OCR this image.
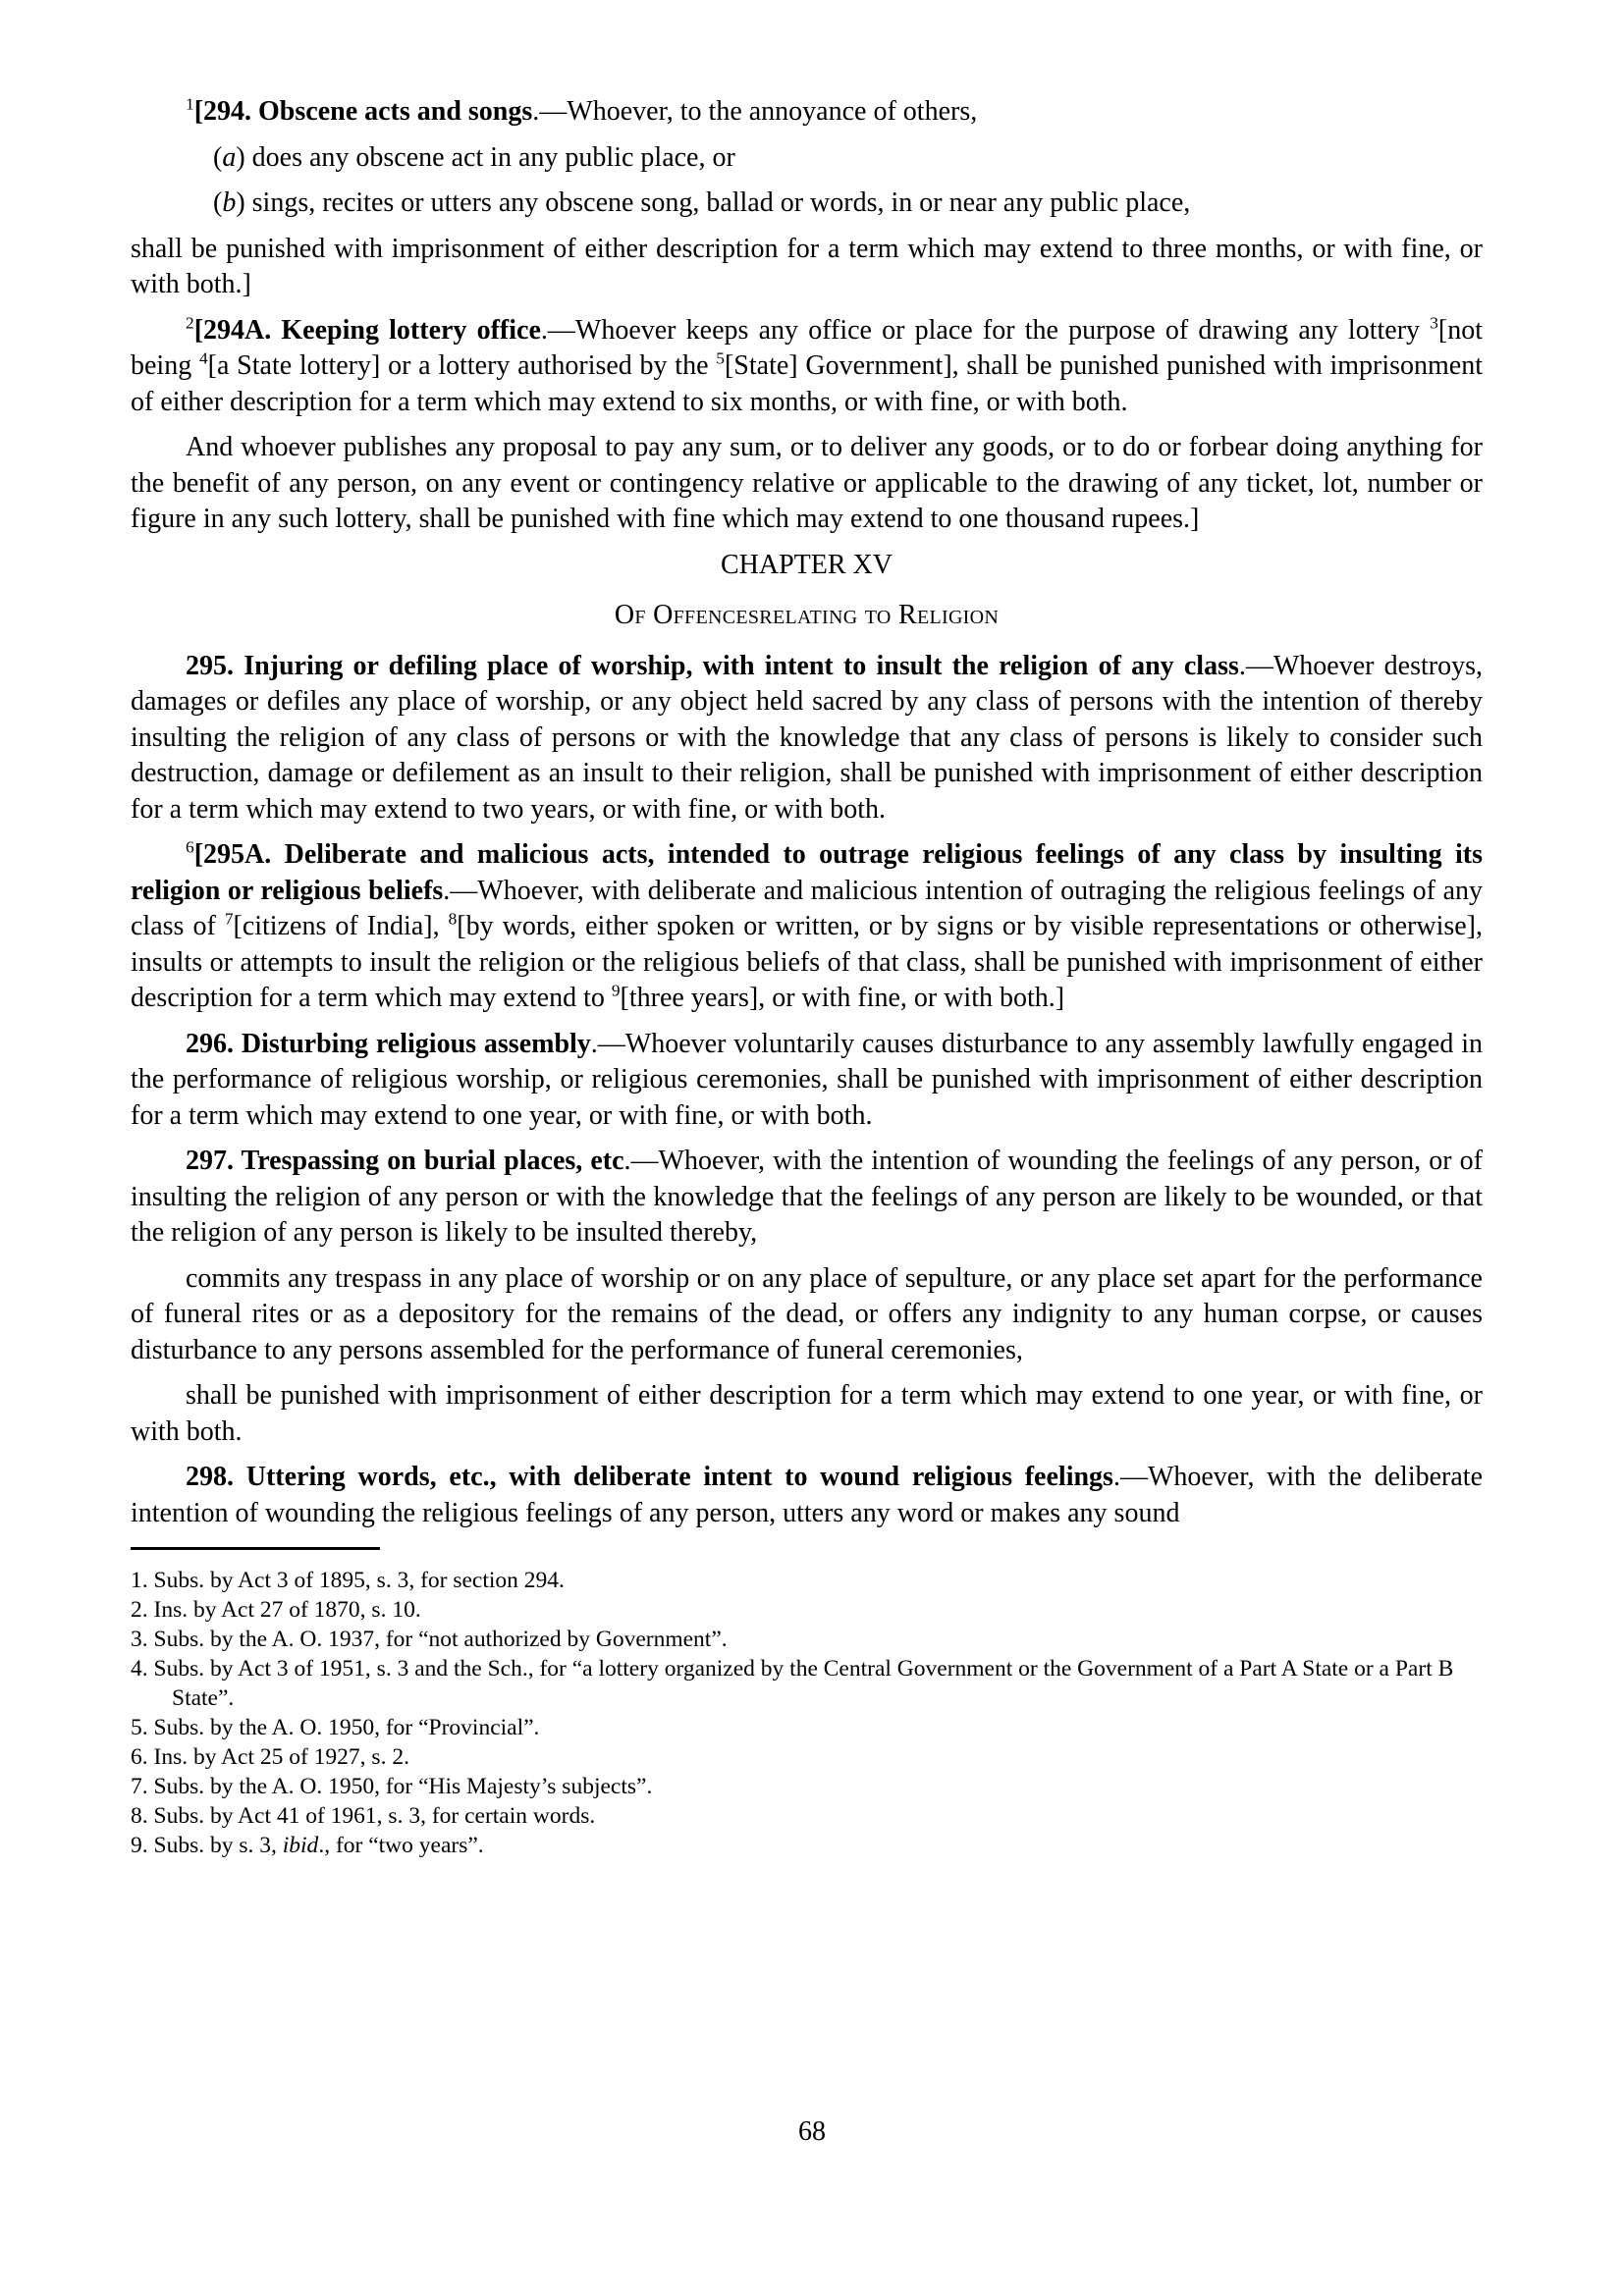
$^1$[294. Obscene acts and songs.—Whoever, to the annoyance of others,

(a) does any obscene act in any public place, or

(b) sings, recites or utters any obscene song, ballad or words, in or near any public place,

shall be punished with imprisonment of either description for a term which may extend to three months, or with fine, or with both.]

$^2$[294A. Keeping lottery office.—Whoever keeps any office or place for the purpose of drawing any lottery $^3$[not being $^4$[a State lottery] or a lottery authorised by the $^5$[State] Government], shall be punished punished with imprisonment of either description for a term which may extend to six months, or with fine, or with both.

And whoever publishes any proposal to pay any sum, or to deliver any goods, or to do or forbear doing anything for the benefit of any person, on any event or contingency relative or applicable to the drawing of any ticket, lot, number or figure in any such lottery, shall be punished with fine which may extend to one thousand rupees.]

CHAPTER XV

Of Offencesrelating to Religion

295. Injuring or defiling place of worship, with intent to insult the religion of any class.—Whoever destroys, damages or defiles any place of worship, or any object held sacred by any class of persons with the intention of thereby insulting the religion of any class of persons or with the knowledge that any class of persons is likely to consider such destruction, damage or defilement as an insult to their religion, shall be punished with imprisonment of either description for a term which may extend to two years, or with fine, or with both.

$^6$[295A. Deliberate and malicious acts, intended to outrage religious feelings of any class by insulting its religion or religious beliefs.—Whoever, with deliberate and malicious intention of outraging the religious feelings of any class of $^7$[citizens of India], $^8$[by words, either spoken or written, or by signs or by visible representations or otherwise], insults or attempts to insult the religion or the religious beliefs of that class, shall be punished with imprisonment of either description for a term which may extend to $^9$[three years], or with fine, or with both.]

296. Disturbing religious assembly.—Whoever voluntarily causes disturbance to any assembly lawfully engaged in the performance of religious worship, or religious ceremonies, shall be punished with imprisonment of either description for a term which may extend to one year, or with fine, or with both.

297. Trespassing on burial places, etc.—Whoever, with the intention of wounding the feelings of any person, or of insulting the religion of any person or with the knowledge that the feelings of any person are likely to be wounded, or that the religion of any person is likely to be insulted thereby,

commits any trespass in any place of worship or on any place of sepulture, or any place set apart for the performance of funeral rites or as a depository for the remains of the dead, or offers any indignity to any human corpse, or causes disturbance to any persons assembled for the performance of funeral ceremonies,

shall be punished with imprisonment of either description for a term which may extend to one year, or with fine, or with both.

298. Uttering words, etc., with deliberate intent to wound religious feelings.—Whoever, with the deliberate intention of wounding the religious feelings of any person, utters any word or makes any sound

1. Subs. by Act 3 of 1895, s. 3, for section 294.

2. Ins. by Act 27 of 1870, s. 10.

3. Subs. by the A. O. 1937, for “not authorized by Government”.

4. Subs. by Act 3 of 1951, s. 3 and the Sch., for “a lottery organized by the Central Government or the Government of a Part A State or a Part B State”.

5. Subs. by the A. O. 1950, for “Provincial”.

6. Ins. by Act 25 of 1927, s. 2.

7. Subs. by the A. O. 1950, for “His Majesty’s subjects”.

8. Subs. by Act 41 of 1961, s. 3, for certain words.

9. Subs. by s. 3, ibid., for “two years”.

68
